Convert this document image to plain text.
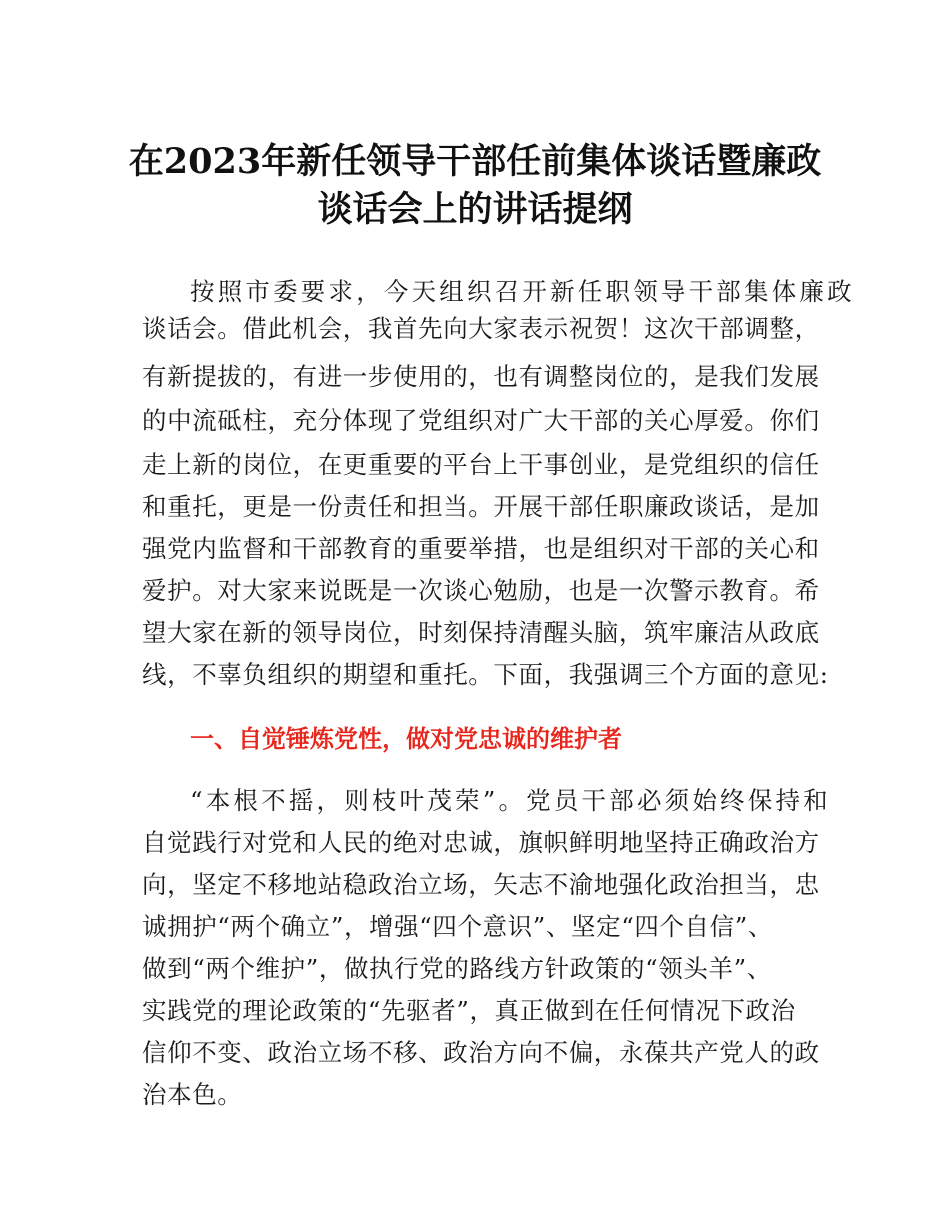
在2023年新任领导干部任前集体谈话暨廉政
谈话会上的讲话提纲
按照市委要求，今天组织召开新任职领导干部集体廉政
谈话会。借此机会，我首先向大家表示祝贺！这次干部调整，
有新提拔的，有进一步使用的，也有调整岗位的，是我们发展
的中流砥柱，充分体现了党组织对广大干部的关心厚爱。你们
走上新的岗位，在更重要的平台上干事创业，是党组织的信任
和重托，更是一份责任和担当。开展干部任职廉政谈话，是加
强党内监督和干部教育的重要举措，也是组织对干部的关心和
爱护。对大家来说既是一次谈心勉励，也是一次警示教育。希
望大家在新的领导岗位，时刻保持清醒头脑，筑牢廉洁从政底
线，不辜负组织的期望和重托。下面，我强调三个方面的意见:
一、自觉锤炼党性，做对党忠诚的维护者
“本根不摇，则枝叶茂荣”。党员干部必须始终保持和
自觉践行对党和人民的绝对忠诚，旗帜鲜明地坚持正确政治方
向，坚定不移地站稳政治立场，矢志不渝地强化政治担当，忠
诚拥护“两个确立”，增强“四个意识”、坚定“四个自信”、
做到“两个维护”，做执行党的路线方针政策的“领头羊”、
实践党的理论政策的“先驱者”，真正做到在任何情况下政治
信仰不变、政治立场不移、政治方向不偏，永葆共产党人的政
治本色。
